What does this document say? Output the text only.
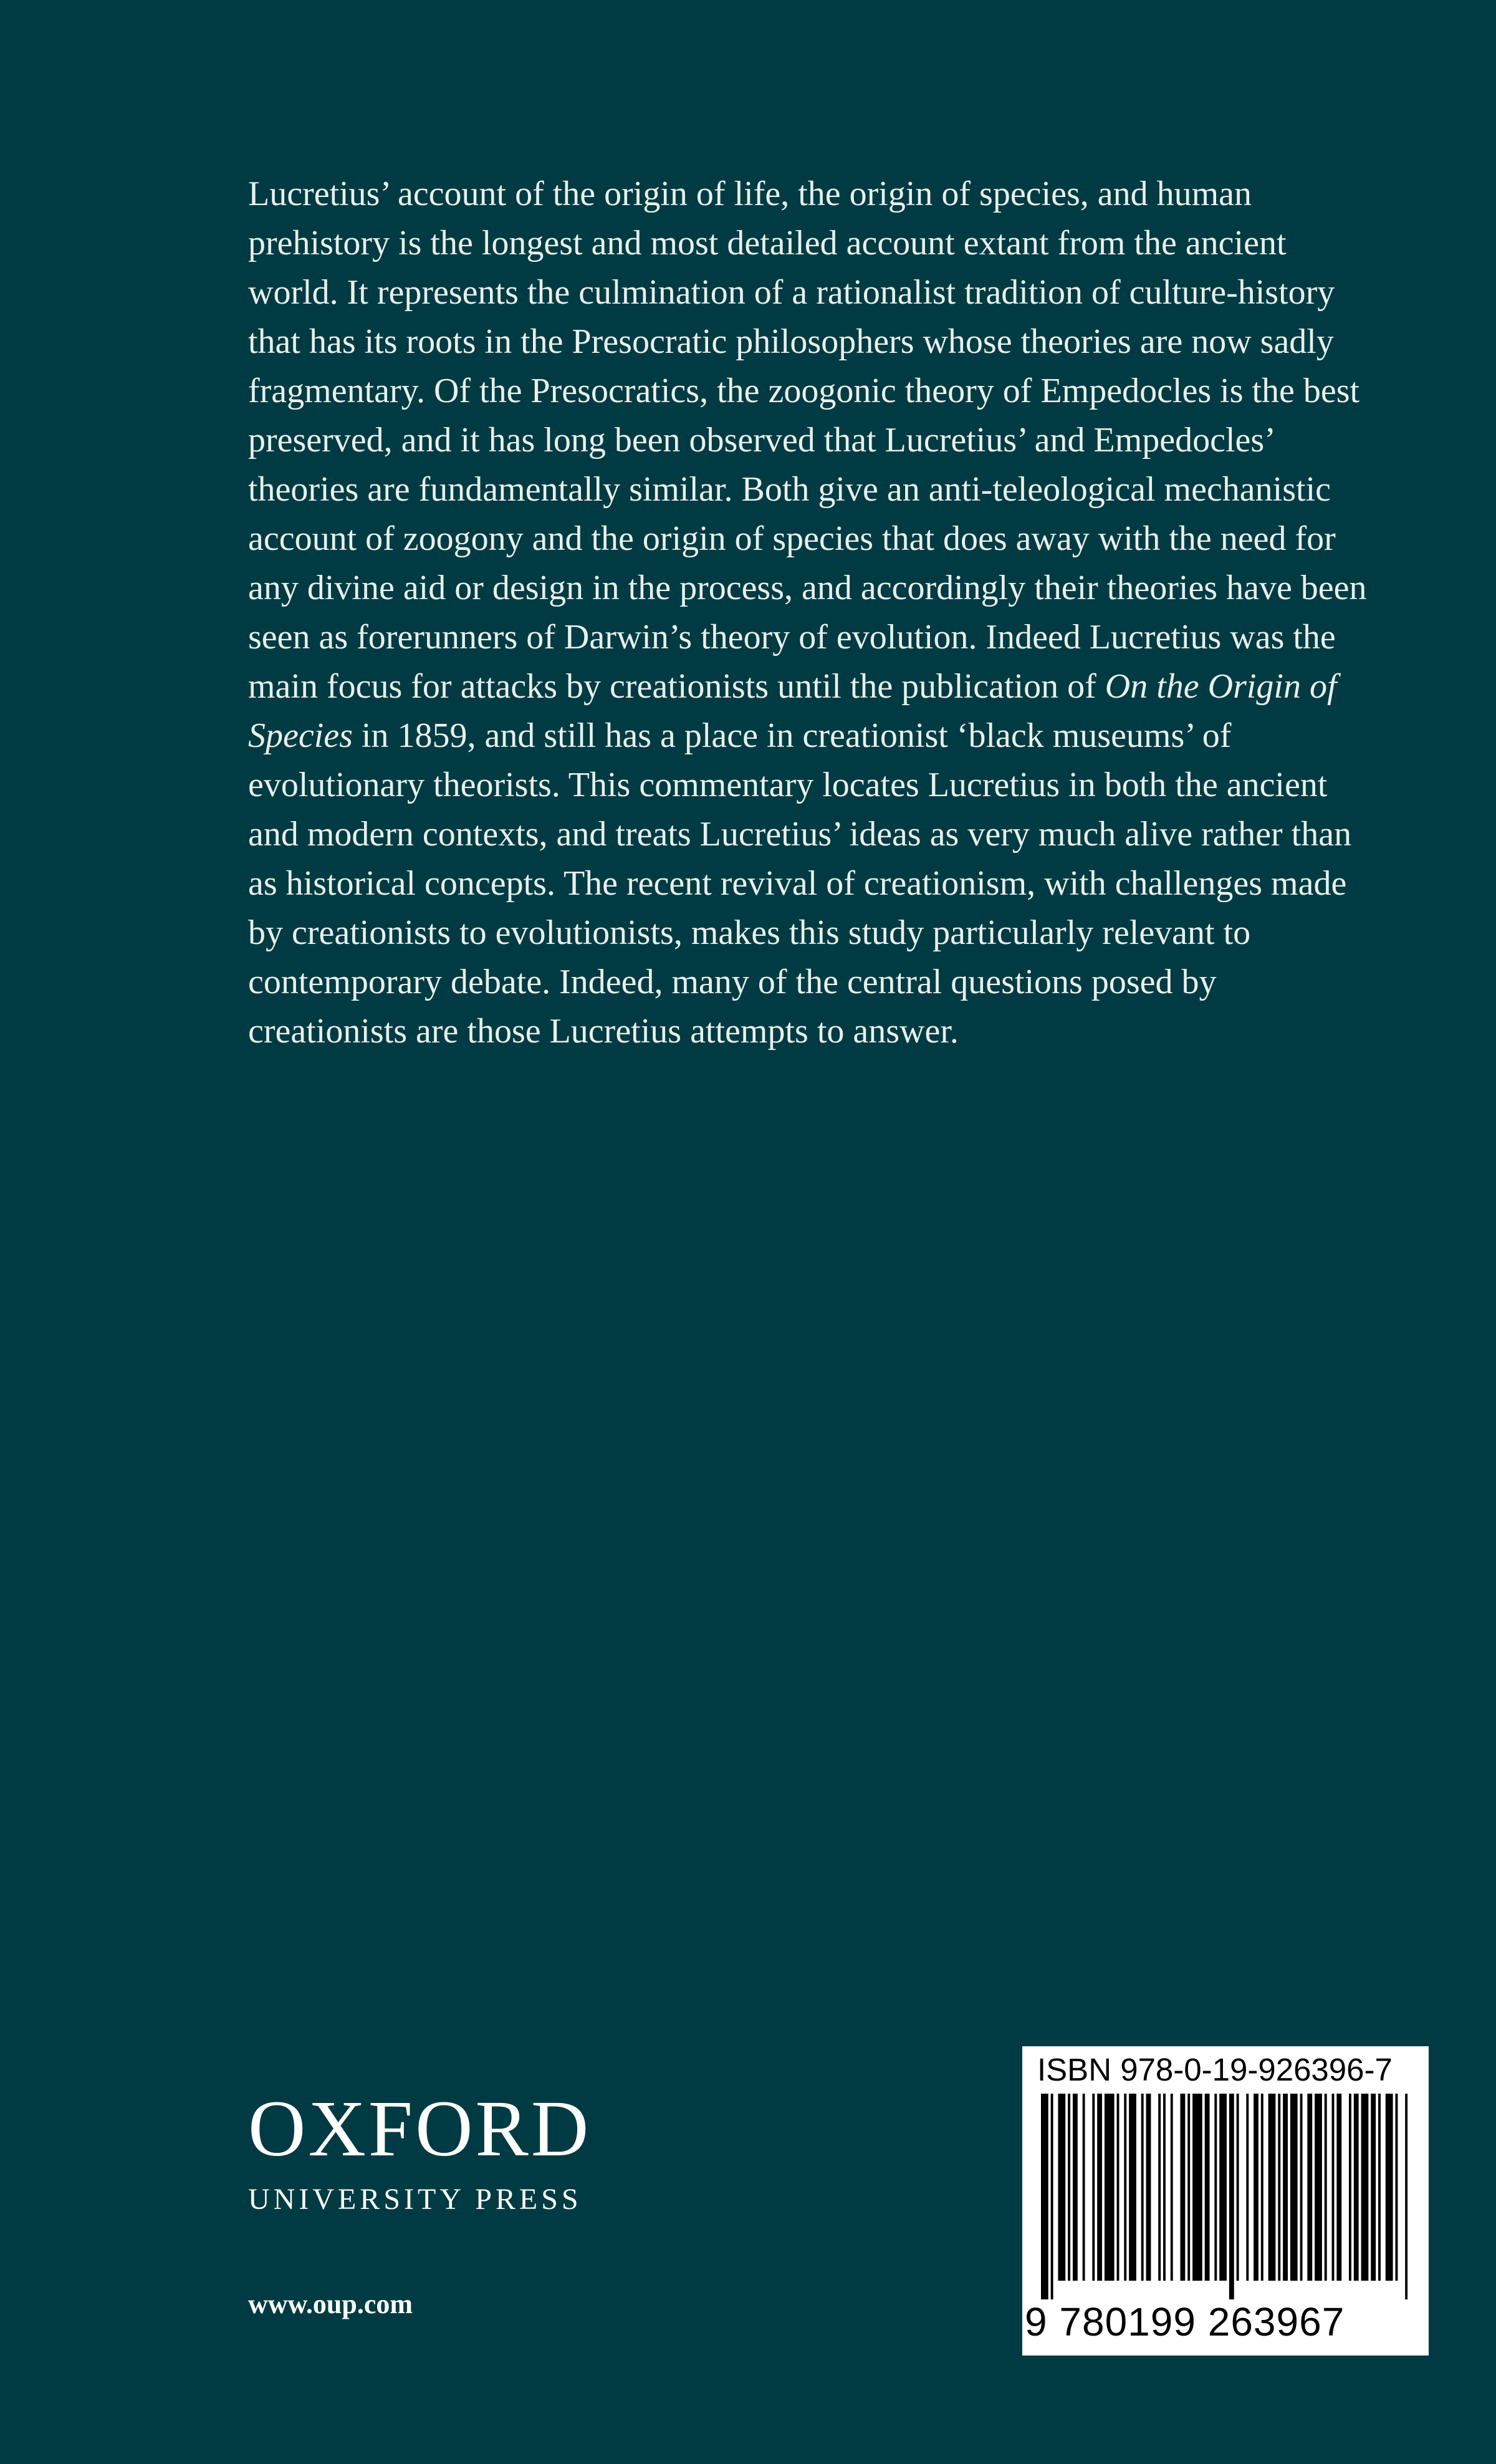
Lucretius’ account of the origin of life, the origin of species, and human prehistory is the longest and most detailed account extant from the ancient world. It represents the culmination of a rationalist tradition of culture-history that has its roots in the Presocratic philosophers whose theories are now sadly fragmentary. Of the Presocratics, the zoogonic theory of Empedocles is the best preserved, and it has long been observed that Lucretius’ and Empedocles’ theories are fundamentally similar. Both give an anti-teleological mechanistic account of zoogony and the origin of species that does away with the need for any divine aid or design in the process, and accordingly their theories have been seen as forerunners of Darwin’s theory of evolution. Indeed Lucretius was the main focus for attacks by creationists until the publication of On the Origin of Species in 1859, and still has a place in creationist ‘black museums’ of evolutionary theorists. This commentary locates Lucretius in both the ancient and modern contexts, and treats Lucretius’ ideas as very much alive rather than as historical concepts. The recent revival of creationism, with challenges made by creationists to evolutionists, makes this study particularly relevant to contemporary debate. Indeed, many of the central questions posed by creationists are those Lucretius attempts to answer.

OXFORD
UNIVERSITY PRESS
www.oup.com
ISBN 978-0-19-926396-7
9 780199 263967
